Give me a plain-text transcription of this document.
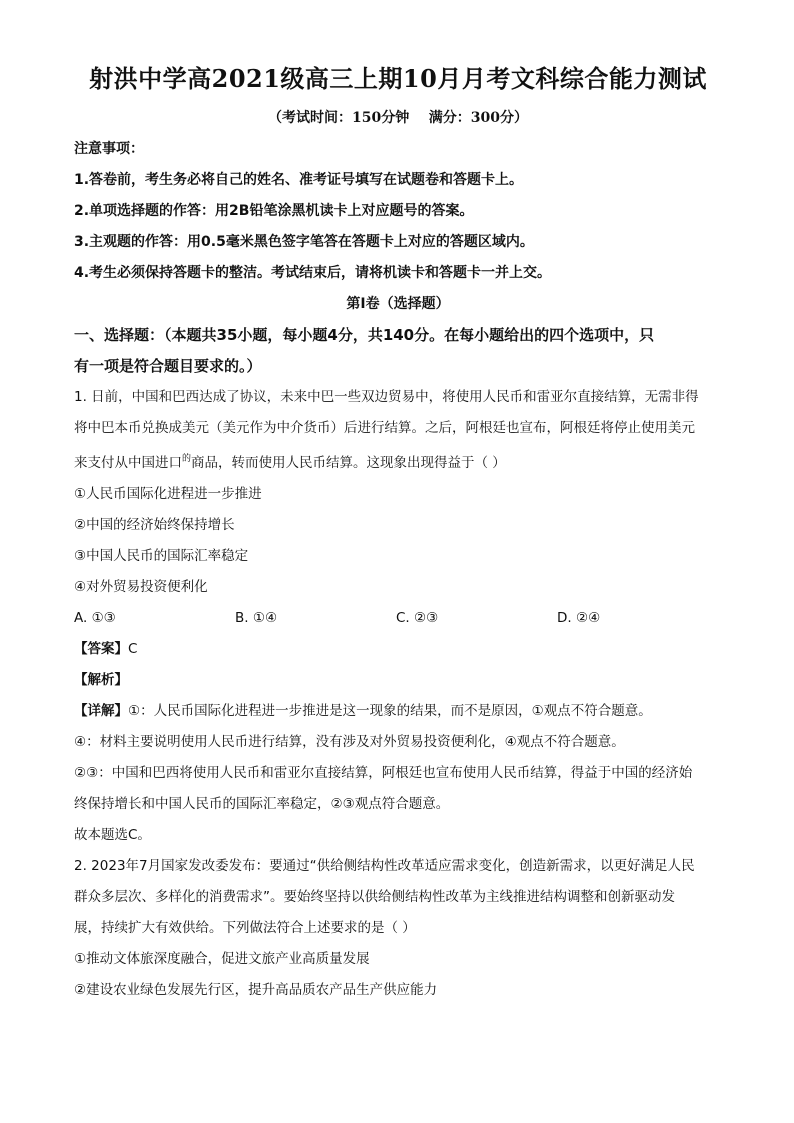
射洪中学高2021级高三上期10月月考文科综合能力测试
（考试时间：150分钟    满分：300分）
注意事项：
1.答卷前，考生务必将自己的姓名、准考证号填写在试题卷和答题卡上。
2.单项选择题的作答：用2B铅笔涂黑机读卡上对应题号的答案。
3.主观题的作答：用0.5毫米黑色签字笔答在答题卡上对应的答题区域内。
4.考生必须保持答题卡的整洁。考试结束后，请将机读卡和答题卡一并上交。
第Ⅰ卷（选择题）
一、选择题：（本题共35小题，每小题4分，共140分。在每小题给出的四个选项中，只
有一项是符合题目要求的。）
1. 日前，中国和巴西达成了协议，未来中巴一些双边贸易中，将使用人民币和雷亚尔直接结算，无需非得
将中巴本币兑换成美元（美元作为中介货币）后进行结算。之后，阿根廷也宣布，阿根廷将停止使用美元
来支付从中国进口$^的$商品，转而使用人民币结算。这现象出现得益于（ ）
①人民币国际化进程进一步推进
②中国的经济始终保持增长
③中国人民币的国际汇率稳定
④对外贸易投资便利化
A. ①③	B. ①④	C. ②③	D. ②④
【答案】C
【解析】
【详解】①：人民币国际化进程进一步推进是这一现象的结果，而不是原因，①观点不符合题意。
④：材料主要说明使用人民币进行结算，没有涉及对外贸易投资便利化，④观点不符合题意。
②③：中国和巴西将使用人民币和雷亚尔直接结算，阿根廷也宣布使用人民币结算，得益于中国的经济始
终保持增长和中国人民币的国际汇率稳定，②③观点符合题意。
故本题选C。
2. 2023年7月国家发改委发布：要通过“供给侧结构性改革适应需求变化，创造新需求，以更好满足人民
群众多层次、多样化的消费需求”。要始终坚持以供给侧结构性改革为主线推进结构调整和创新驱动发
展，持续扩大有效供给。下列做法符合上述要求的是（ ）
①推动文体旅深度融合，促进文旅产业高质量发展
②建设农业绿色发展先行区，提升高品质农产品生产供应能力
